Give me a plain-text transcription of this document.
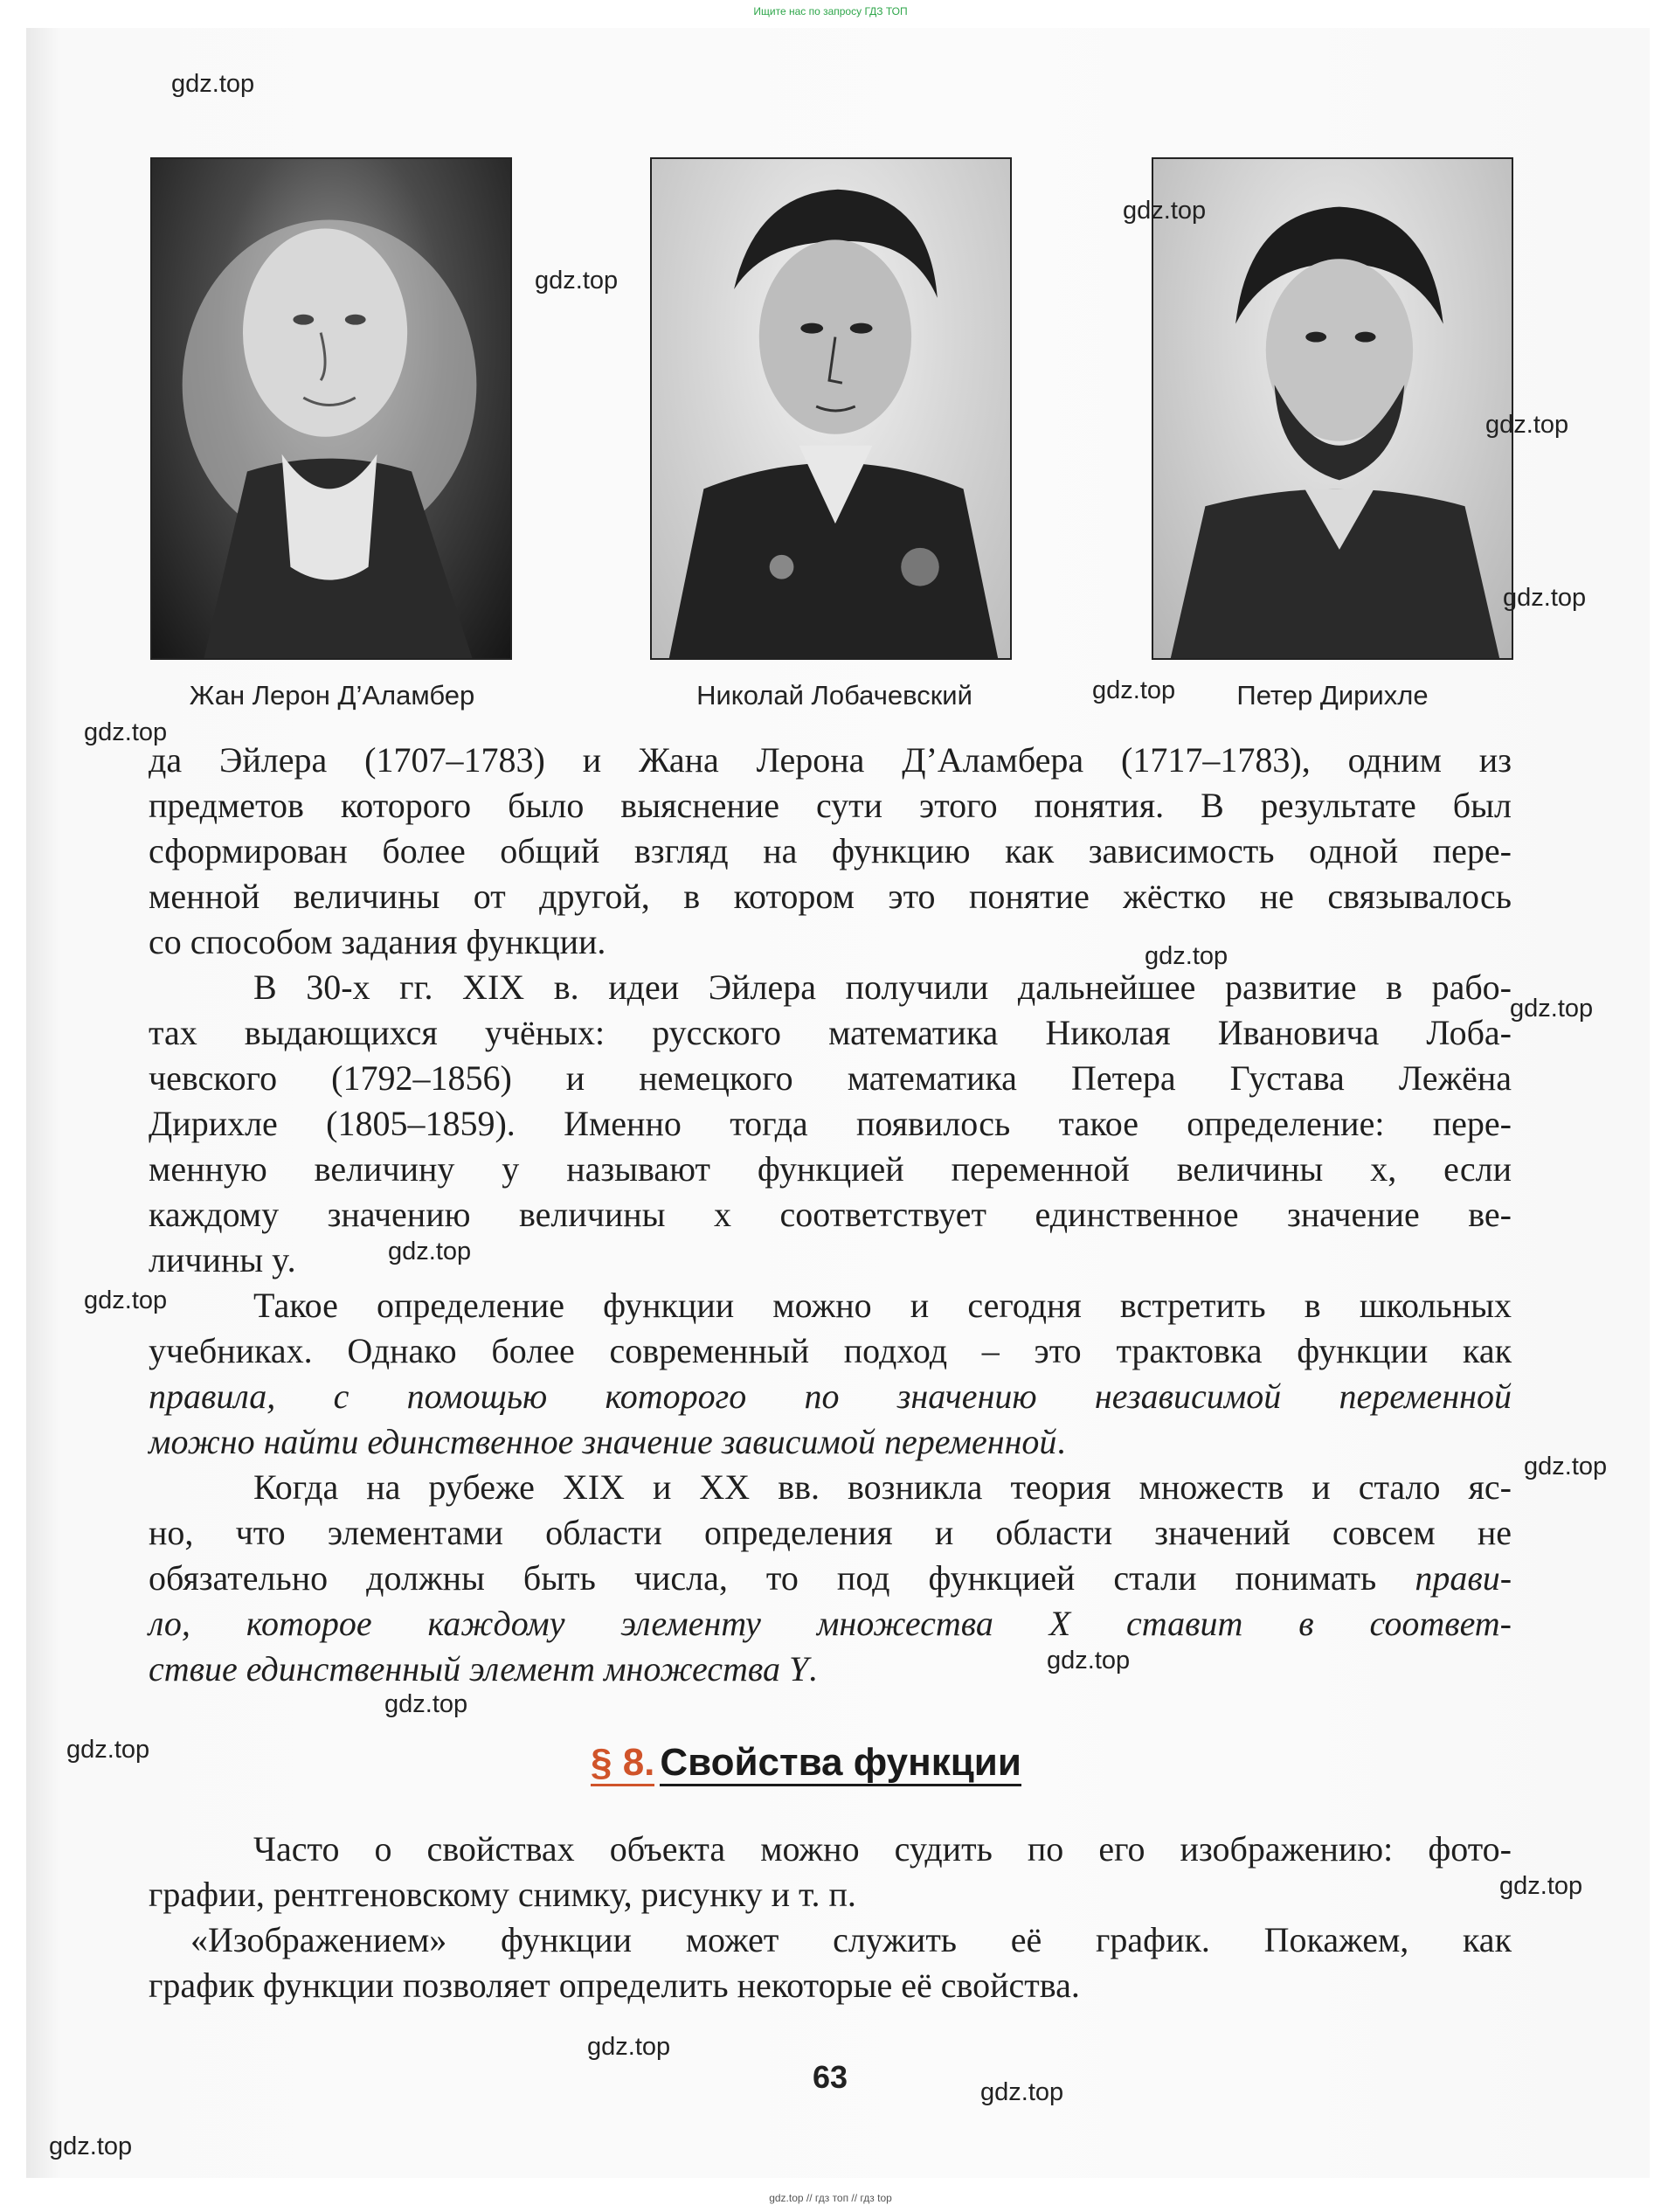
Ищите нас по запросу ГДЗ ТОП
Жан Лерон Д’Аламбер	Николай Лобачевский	Петер Дирихле
да Эйлера (1707–1783) и Жана Лерона Д’Аламбера (1717–1783), одним из
предметов которого было выяснение сути этого понятия. В результате был
сформирован более общий взгляд на функцию как зависимость одной пере-
менной величины от другой, в котором это понятие жёстко не связывалось
со способом задания функции.
В 30-х гг. XIX в. идеи Эйлера получили дальнейшее развитие в рабо-
тах выдающихся учёных: русского математика Николая Ивановича Лоба-
чевского (1792–1856) и немецкого математика Петера Густава Лежёна
Дирихле (1805–1859). Именно тогда появилось такое определение: пере-
менную величину y называют функцией переменной величины x, если
каждому значению величины x соответствует единственное значение ве-
личины y.
Такое определение функции можно и сегодня встретить в школьных
учебниках. Однако более современный подход – это трактовка функции как
правила, с помощью которого по значению независимой переменной
можно найти единственное значение зависимой переменной.
Когда на рубеже XIX и XX вв. возникла теория множеств и стало яс-
но, что элементами области определения и области значений совсем не
обязательно должны быть числа, то под функцией стали понимать прави-
ло, которое каждому элементу множества X ставит в соответ-
ствие единственный элемент множества Y.
§ 8. Свойства функции
Часто о свойствах объекта можно судить по его изображению: фото-
графии, рентгеновскому снимку, рисунку и т. п.
«Изображением» функции может служить её график. Покажем, как
график функции позволяет определить некоторые её свойства.
63
gdz.top
gdz.top
gdz.top
gdz.top
gdz.top
gdz.top
gdz.top
gdz.top
gdz.top
gdz.top
gdz.top
gdz.top
gdz.top
gdz.top
gdz.top
gdz.top
gdz.top
gdz.top
gdz.top
gdz.top // гдз топ // гдз top
